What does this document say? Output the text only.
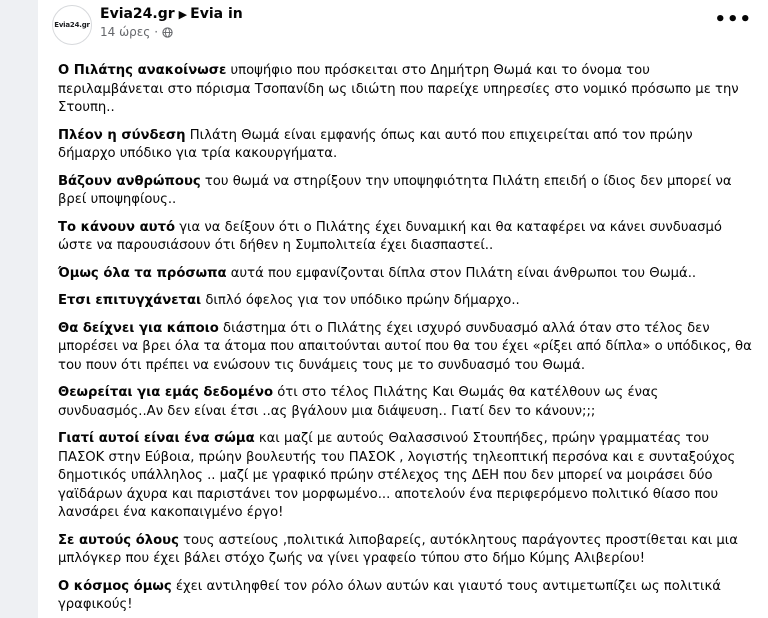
Evia24.gr
Evia24.gr ▶ Evia in
14 ώρες ·
•••

Ο Πιλάτης ανακοίνωσε υποψήφιο που πρόσκειται στο Δημήτρη Θωμά και το όνομα του περιλαμβάνεται στο πόρισμα Τσοπανίδη ως ιδιώτη που παρείχε υπηρεσίες στο νομικό πρόσωπο με την Στουπη..

Πλέον η σύνδεση Πιλάτη Θωμά είναι εμφανής όπως και αυτό που επιχειρείται από τον πρώην δήμαρχο υπόδικο για τρία κακουργήματα.

Βάζουν ανθρώπους του θωμά να στηρίξουν την υποψηφιότητα Πιλάτη επειδή ο ίδιος δεν μπορεί να βρεί υποψηφίους..

Το κάνουν αυτό για να δείξουν ότι ο Πιλάτης έχει δυναμική και θα καταφέρει να κάνει συνδυασμό ώστε να παρουσιάσουν ότι δήθεν η Συμπολιτεία έχει διασπαστεί..

Όμως όλα τα πρόσωπα αυτά που εμφανίζονται δίπλα στον Πιλάτη είναι άνθρωποι του Θωμά..

Ετσι επιτυγχάνεται διπλό όφελος για τον υπόδικο πρώην δήμαρχο..

Θα δείχνει για κάποιο διάστημα ότι ο Πιλάτης έχει ισχυρό συνδυασμό αλλά όταν στο τέλος δεν μπορέσει να βρει όλα τα άτομα που απαιτούνται αυτοί που θα του έχει «ρίξει από δίπλα» ο υπόδικος, θα του πουν ότι πρέπει να ενώσουν τις δυνάμεις τους με το συνδυασμό του Θωμά.

Θεωρείται για εμάς δεδομένο ότι στο τέλος Πιλάτης Και Θωμάς θα κατέλθουν ως ένας συνδυασμός..Αν δεν είναι έτσι ..ας βγάλουν μια διάψευση.. Γιατί δεν το κάνουν;;;

Γιατί αυτοί είναι ένα σώμα και μαζί με αυτούς Θαλασσινού Στουπήδες, πρώην γραμματέας του ΠΑΣΟΚ στην Εύβοια, πρώην βουλευτής του ΠΑΣΟΚ , λογιστής τηλεοπτική περσόνα και ε συνταξούχος δημοτικός υπάλληλος .. μαζί με γραφικό πρώην στέλεχος της ΔΕΗ που δεν μπορεί να μοιράσει δύο γαϊδάρων άχυρα και παριστάνει τον μορφωμένο... αποτελούν ένα περιφερόμενο πολιτικό θίασο που λανσάρει ένα κακοπαιγμένο έργο!

Σε αυτούς όλους τους αστείους ,πολιτικά λιποβαρείς, αυτόκλητους παράγοντες προστίθεται και μια μπλόγκερ που έχει βάλει στόχο ζωής να γίνει γραφείο τύπου στο δήμο Κύμης Αλιβερίου!

Ο κόσμος όμως έχει αντιληφθεί τον ρόλο όλων αυτών και γιαυτό τους αντιμετωπίζει ως πολιτικά γραφικούς!
